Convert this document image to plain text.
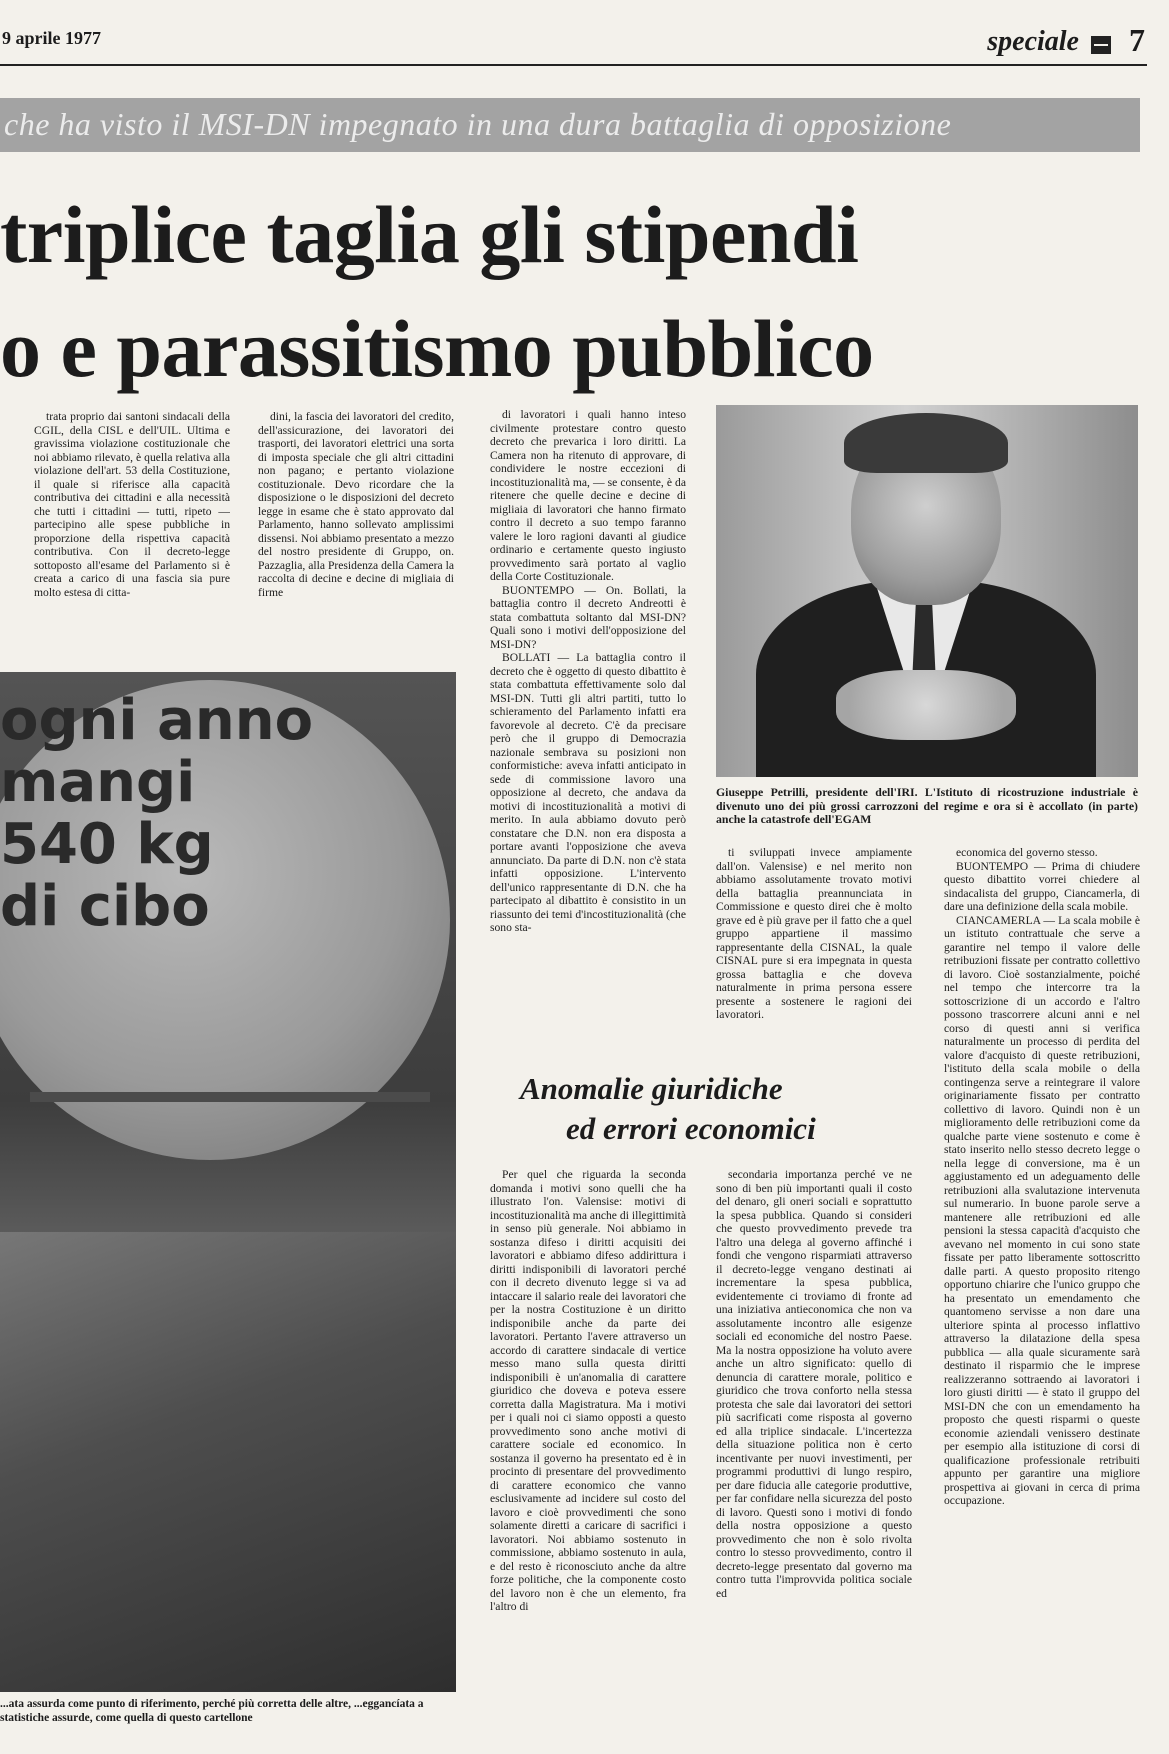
9 aprile 1977	speciale 7
che ha visto il MSI-DN impegnato in una dura battaglia di opposizione
triplice taglia gli stipendi
o e parassitismo pubblico

trata proprio dai santoni sindacali della CGIL, della CISL e dell'UIL. Ultima e gravissima violazione costituzionale che noi abbiamo rilevato, è quella relativa alla violazione dell'art. 53 della Costituzione, il quale si riferisce alla capacità contributiva dei cittadini e alla necessità che tutti i cittadini — tutti, ripeto — partecipino alle spese pubbliche in proporzione della rispettiva capacità contributiva. Con il decreto-legge sottoposto all'esame del Parlamento si è creata a carico di una fascia sia pure molto estesa di citta-

dini, la fascia dei lavoratori del credito, dell'assicurazione, dei lavoratori dei trasporti, dei lavoratori elettrici una sorta di imposta speciale che gli altri cittadini non pagano; e pertanto violazione costituzionale. Devo ricordare che la disposizione o le disposizioni del decreto legge in esame che è stato approvato dal Parlamento, hanno sollevato amplissimi dissensi. Noi abbiamo presentato a mezzo del nostro presidente di Gruppo, on. Pazzaglia, alla Presidenza della Camera la raccolta di decine e decine di migliaia di firme

di lavoratori i quali hanno inteso civilmente protestare contro questo decreto che prevarica i loro diritti. La Camera non ha ritenuto di approvare, di condividere le nostre eccezioni di incostituzionalità ma, — se consente, è da ritenere che quelle decine e decine di migliaia di lavoratori che hanno firmato contro il decreto a suo tempo faranno valere le loro ragioni davanti al giudice ordinario e certamente questo ingiusto provvedimento sarà portato al vaglio della Corte Costituzionale.

BUONTEMPO — On. Bollati, la battaglia contro il decreto Andreotti è stata combattuta soltanto dal MSI-DN? Quali sono i motivi dell'opposizione del MSI-DN?

BOLLATI — La battaglia contro il decreto che è oggetto di questo dibattito è stata combattuta effettivamente solo dal MSI-DN. Tutti gli altri partiti, tutto lo schieramento del Parlamento infatti era favorevole al decreto. C'è da precisare però che il gruppo di Democrazia nazionale sembrava su posizioni non conformistiche: aveva infatti anticipato in sede di commissione lavoro una opposizione al decreto, che andava da motivi di incostituzionalità a motivi di merito. In aula abbiamo dovuto però constatare che D.N. non era disposta a portare avanti l'opposizione che aveva annunciato. Da parte di D.N. non c'è stata infatti opposizione. L'intervento dell'unico rappresentante di D.N. che ha partecipato al dibattito è consistito in un riassunto dei temi d'incostituzionalità (che sono sta-

ti sviluppati invece ampiamente dall'on. Valensise) e nel merito non abbiamo assolutamente trovato motivi della battaglia preannunciata in Commissione e questo direi che è molto grave ed è più grave per il fatto che a quel gruppo appartiene il massimo rappresentante della CISNAL, la quale CISNAL pure si era impegnata in questa grossa battaglia e che doveva naturalmente in prima persona essere presente a sostenere le ragioni dei lavoratori.

economica del governo stesso.

BUONTEMPO — Prima di chiudere questo dibattito vorrei chiedere al sindacalista del gruppo, Ciancamerla, di dare una definizione della scala mobile.

CIANCAMERLA — La scala mobile è un istituto contrattuale che serve a garantire nel tempo il valore delle retribuzioni fissate per contratto collettivo di lavoro. Cioè sostanzialmente, poiché nel tempo che intercorre tra la sottoscrizione di un accordo e l'altro possono trascorrere alcuni anni e nel corso di questi anni si verifica naturalmente un processo di perdita del valore d'acquisto di queste retribuzioni, l'istituto della scala mobile o della contingenza serve a reintegrare il valore originariamente fissato per contratto collettivo di lavoro. Quindi non è un miglioramento delle retribuzioni come da qualche parte viene sostenuto e come è stato inserito nello stesso decreto legge o nella legge di conversione, ma è un aggiustamento ed un adeguamento delle retribuzioni alla svalutazione intervenuta sul numerario. In buone parole serve a mantenere alle retribuzioni ed alle pensioni la stessa capacità d'acquisto che avevano nel momento in cui sono state fissate per patto liberamente sottoscritto dalle parti. A questo proposito ritengo opportuno chiarire che l'unico gruppo che ha presentato un emendamento che quantomeno servisse a non dare una ulteriore spinta al processo inflattivo attraverso la dilatazione della spesa pubblica — alla quale sicuramente sarà destinato il risparmio che le imprese realizzeranno sottraendo ai lavoratori i loro giusti diritti — è stato il gruppo del MSI-DN che con un emendamento ha proposto che questi risparmi o queste economie aziendali venissero destinate per esempio alla istituzione di corsi di qualificazione professionale retribuiti appunto per garantire una migliore prospettiva ai giovani in cerca di prima occupazione.

Anomalie giuridiche
ed errori economici

Per quel che riguarda la seconda domanda i motivi sono quelli che ha illustrato l'on. Valensise: motivi di incostituzionalità ma anche di illegittimità in senso più generale. Noi abbiamo in sostanza difeso i diritti acquisiti dei lavoratori e abbiamo difeso addirittura i diritti indisponibili di lavoratori perché con il decreto divenuto legge si va ad intaccare il salario reale dei lavoratori che per la nostra Costituzione è un diritto indisponibile anche da parte dei lavoratori. Pertanto l'avere attraverso un accordo di carattere sindacale di vertice messo mano sulla questa diritti indisponibili è un'anomalia di carattere giuridico che doveva e poteva essere corretta dalla Magistratura. Ma i motivi per i quali noi ci siamo opposti a questo provvedimento sono anche motivi di carattere sociale ed economico. In sostanza il governo ha presentato ed è in procinto di presentare del provvedimento di carattere economico che vanno esclusivamente ad incidere sul costo del lavoro e cioè provvedimenti che sono solamente diretti a caricare di sacrifici i lavoratori. Noi abbiamo sostenuto in commissione, abbiamo sostenuto in aula, e del resto è riconosciuto anche da altre forze politiche, che la componente costo del lavoro non è che un elemento, fra l'altro di

secondaria importanza perché ve ne sono di ben più importanti quali il costo del denaro, gli oneri sociali e soprattutto la spesa pubblica. Quando si consideri che questo provvedimento prevede tra l'altro una delega al governo affinché i fondi che vengono risparmiati attraverso il decreto-legge vengano destinati ai incrementare la spesa pubblica, evidentemente ci troviamo di fronte ad una iniziativa antieconomica che non va assolutamente incontro alle esigenze sociali ed economiche del nostro Paese. Ma la nostra opposizione ha voluto avere anche un altro significato: quello di denuncia di carattere morale, politico e giuridico che trova conforto nella stessa protesta che sale dai lavoratori dei settori più sacrificati come risposta al governo ed alla triplice sindacale. L'incertezza della situazione politica non è certo incentivante per nuovi investimenti, per programmi produttivi di lungo respiro, per dare fiducia alle categorie produttive, per far confidare nella sicurezza del posto di lavoro. Questi sono i motivi di fondo della nostra opposizione a questo provvedimento che non è solo rivolta contro lo stesso provvedimento, contro il decreto-legge presentato dal governo ma contro tutta l'improvvida politica sociale ed

ogni anno
mangi
540 kg
di cibo
...ata assurda come punto di riferimento, perché più corretta delle altre, ...eggancíata a statistiche assurde, come quella di questo cartellone
Giuseppe Petrilli, presidente dell'IRI. L'Istituto di ricostruzione industriale è divenuto uno dei più grossi carrozzoni del regime e ora si è accollato (in parte) anche la catastrofe dell'EGAM
